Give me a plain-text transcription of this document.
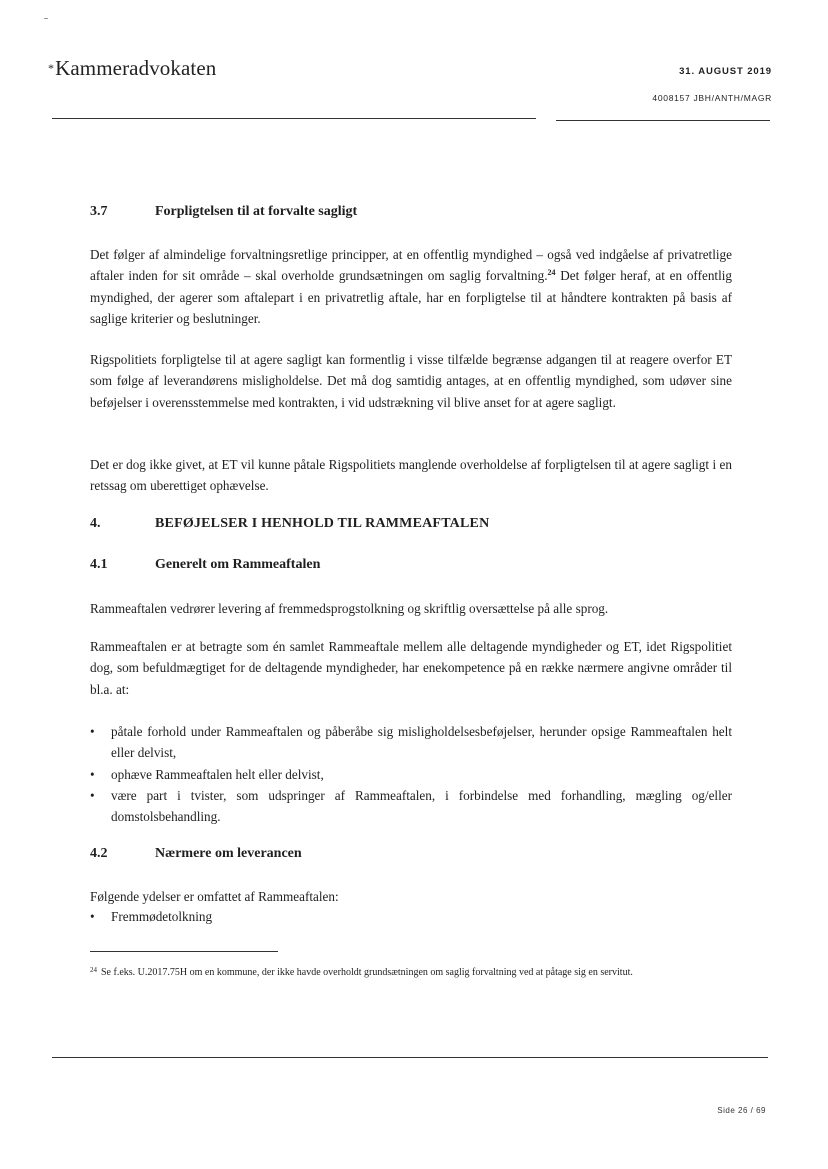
*Kammeradvokaten	31. AUGUST 2019
4008157 JBH/ANTH/MAGR
3.7	Forpligtelsen til at forvalte sagligt

Det følger af almindelige forvaltningsretlige principper, at en offentlig myndighed – også ved indgåelse af privatretlige aftaler inden for sit område – skal overholde grundsætningen om saglig forvaltning.$^{24}$ Det følger heraf, at en offentlig myndighed, der agerer som aftalepart i en privatretlig aftale, har en forpligtelse til at håndtere kontrakten på basis af saglige kriterier og beslutninger.

Rigspolitiets forpligtelse til at agere sagligt kan formentlig i visse tilfælde begrænse adgangen til at reagere overfor ET som følge af leverandørens misligholdelse. Det må dog samtidig antages, at en offentlig myndighed, som udøver sine beføjelser i overensstemmelse med kontrakten, i vid udstrækning vil blive anset for at agere sagligt.

Det er dog ikke givet, at ET vil kunne påtale Rigspolitiets manglende overholdelse af forpligtelsen til at agere sagligt i en retssag om uberettiget ophævelse.

4.	BEFØJELSER I HENHOLD TIL RAMMEAFTALEN
4.1	Generelt om Rammeaftalen

Rammeaftalen vedrører levering af fremmedsprogstolkning og skriftlig oversættelse på alle sprog.

Rammeaftalen er at betragte som én samlet Rammeaftale mellem alle deltagende myndigheder og ET, idet Rigspolitiet dog, som befuldmægtiget for de deltagende myndigheder, har enekompetence på en række nærmere angivne områder til bl.a. at:

• påtale forhold under Rammeaftalen og påberåbe sig misligholdelsesbeføjelser, herunder opsige Rammeaftalen helt eller delvist,
• ophæve Rammeaftalen helt eller delvist,
• være part i tvister, som udspringer af Rammeaftalen, i forbindelse med forhandling, mægling og/eller domstolsbehandling.
4.2	Nærmere om leverancen

Følgende ydelser er omfattet af Rammeaftalen:

• Fremmødetolkning

$^{24}$ Se f.eks. U.2017.75H om en kommune, der ikke havde overholdt grundsætningen om saglig forvaltning ved at påtage sig en servitut.

Side 26 / 69
